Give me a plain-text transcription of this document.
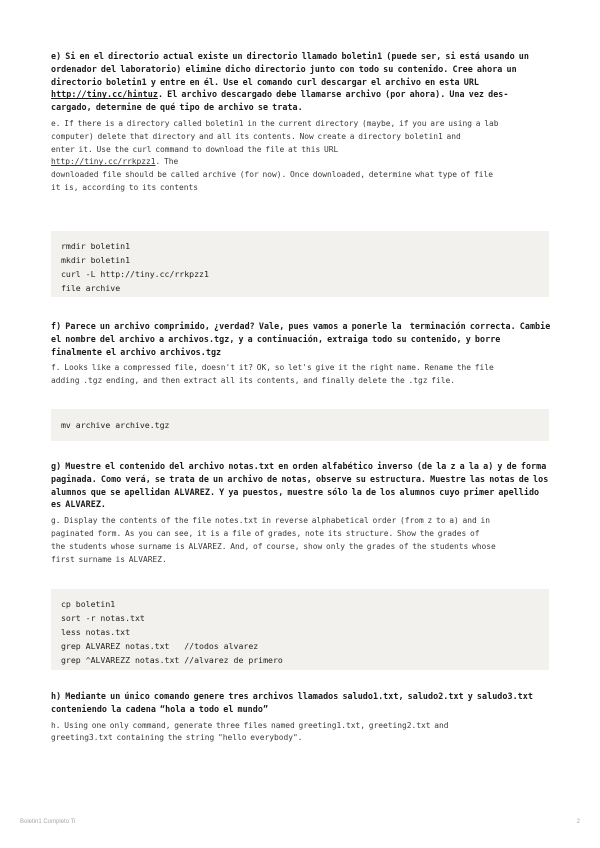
e) Si en el directorio actual existe un directorio llamado boletin1 (puede ser, si está usando un ordenador del laboratorio) elimine dicho directorio junto con todo su contenido. Cree ahora un directorio boletin1 y entre en él. Use el comando curl descargar el archivo en esta URL http://tiny.cc/hintuz. El archivo descargado debe llamarse archivo (por ahora). Una vez des- cargado, determine de qué tipo de archivo se trata.

e. If there is a directory called boletin1 in the current directory (maybe, if you are using a lab
computer) delete that directory and all its contents. Now create a directory boletin1 and
enter it. Use the curl command to download the file at this URL
http://tiny.cc/rrkpzz1. The
downloaded file should be called archive (for now). Once downloaded, determine what type of file
it is, according to its contents

rmdir boletin1
mkdir boletin1
curl -L http://tiny.cc/rrkpzz1
file archive

f) Parece un archivo comprimido, ¿verdad? Vale, pues vamos a ponerle la  terminación correcta. Cambie el nombre del archivo a archivos.tgz, y a continuación, extraiga todo su contenido, y borre finalmente el archivo archivos.tgz

f. Looks like a compressed file, doesn't it? OK, so let's give it the right name. Rename the file
adding .tgz ending, and then extract all its contents, and finally delete the .tgz file.

mv archive archive.tgz

g) Muestre el contenido del archivo notas.txt en orden alfabético inverso (de la z a la a) y de forma paginada. Como verá, se trata de un archivo de notas, observe su estructura. Muestre las notas de los alumnos que se apellidan ALVAREZ. Y ya puestos, muestre sólo la de los alumnos cuyo primer apellido es ALVAREZ.

g. Display the contents of the file notes.txt in reverse alphabetical order (from z to a) and in
paginated form. As you can see, it is a file of grades, note its structure. Show the grades of
the students whose surname is ALVAREZ. And, of course, show only the grades of the students whose
first surname is ALVAREZ.

cp boletin1
sort -r notas.txt
less notas.txt
grep ALVAREZ notas.txt   //todos alvarez
grep ^ALVAREZZ notas.txt //alvarez de primero

h) Mediante un único comando genere tres archivos llamados saludo1.txt, saludo2.txt y saludo3.txt conteniendo la cadena “hola a todo el mundo”

h. Using one only command, generate three files named greeting1.txt, greeting2.txt and
greeting3.txt containing the string "hello everybody".

Boletin1 Completo Ti	2
